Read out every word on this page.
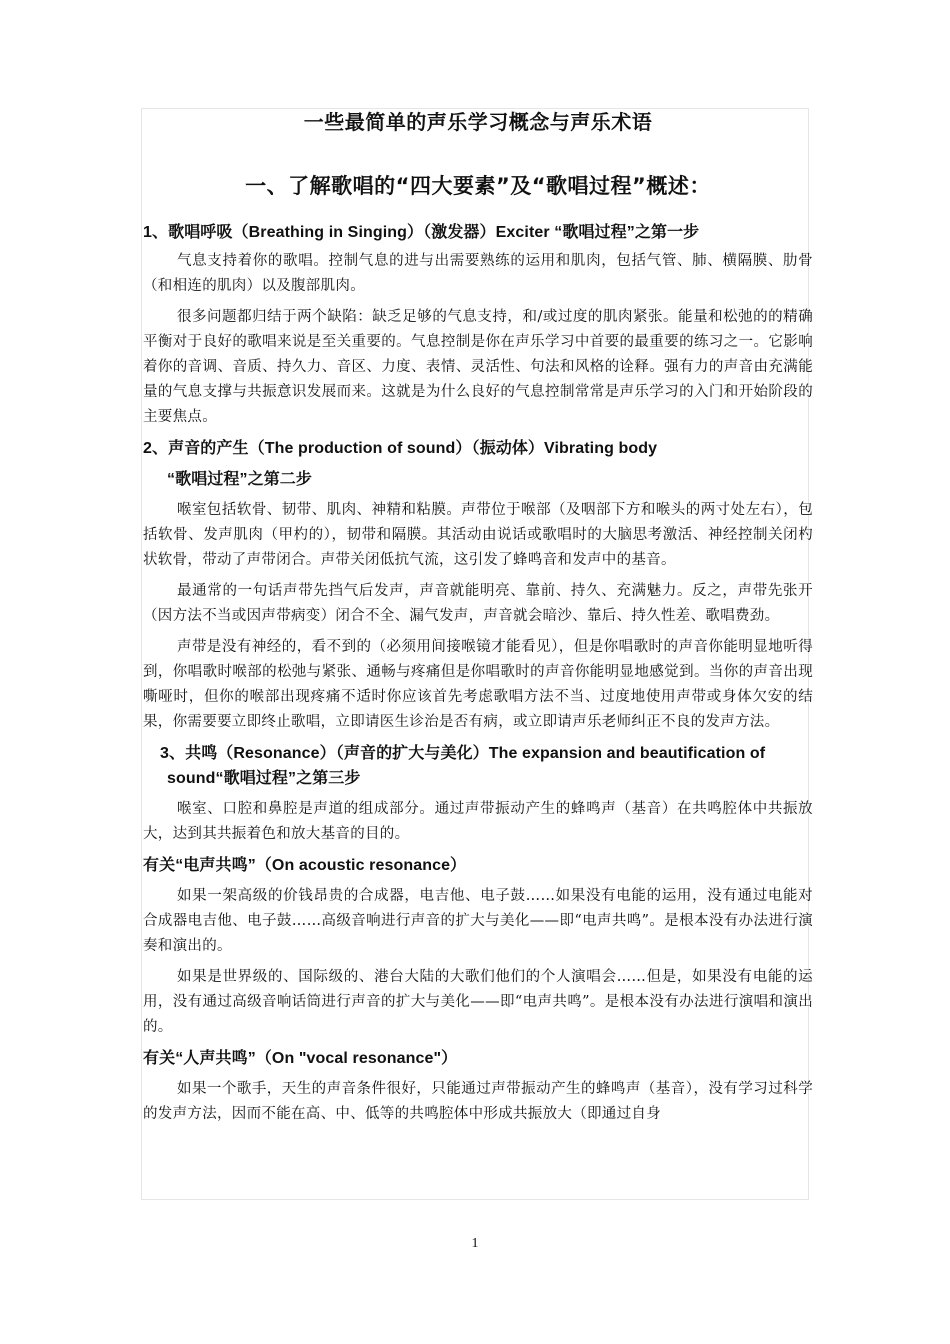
一些最简单的声乐学习概念与声乐术语
一、了解歌唱的“四大要素”及“歌唱过程”概述：
1、歌唱呼吸（Breathing in Singing）（激发器）Exciter “歌唱过程”之第一步

气息支持着你的歌唱。控制气息的进与出需要熟练的运用和肌肉，包括气管、肺、横隔膜、肋骨（和相连的肌肉）以及腹部肌肉。

很多问题都归结于两个缺陷：缺乏足够的气息支持，和/或过度的肌肉紧张。能量和松弛的的精确平衡对于良好的歌唱来说是至关重要的。气息控制是你在声乐学习中首要的最重要的练习之一。它影响着你的音调、音质、持久力、音区、力度、表情、灵活性、句法和风格的诠释。强有力的声音由充满能量的气息支撑与共振意识发展而来。这就是为什么良好的气息控制常常是声乐学习的入门和开始阶段的主要焦点。

2、声音的产生（The production of sound）（振动体）Vibrating body
“歌唱过程”之第二步

喉室包括软骨、韧带、肌肉、神精和粘膜。声带位于喉部（及咽部下方和喉头的两寸处左右），包括软骨、发声肌肉（甲杓的），韧带和隔膜。其活动由说话或歌唱时的大脑思考激活、神经控制关闭杓状软骨，带动了声带闭合。声带关闭低抗气流，这引发了蜂鸣音和发声中的基音。

最通常的一句话声带先挡气后发声，声音就能明亮、靠前、持久、充满魅力。反之，声带先张开（因方法不当或因声带病变）闭合不全、漏气发声，声音就会暗沙、靠后、持久性差、歌唱费劲。

声带是没有神经的，看不到的（必须用间接喉镜才能看见），但是你唱歌时的声音你能明显地听得到，你唱歌时喉部的松弛与紧张、通畅与疼痛但是你唱歌时的声音你能明显地感觉到。当你的声音出现嘶哑时，但你的喉部出现疼痛不适时你应该首先考虑歌唱方法不当、过度地使用声带或身体欠安的结果，你需要要立即终止歌唱，立即请医生诊治是否有病，或立即请声乐老师纠正不良的发声方法。

3、共鸣（Resonance）（声音的扩大与美化）The expansion and beautification of sound“歌唱过程”之第三步

喉室、口腔和鼻腔是声道的组成部分。通过声带振动产生的蜂鸣声（基音）在共鸣腔体中共振放大，达到其共振着色和放大基音的目的。

有关“电声共鸣”（On acoustic resonance）

如果一架高级的价钱昂贵的合成器，电吉他、电子鼓……如果没有电能的运用，没有通过电能对合成器电吉他、电子鼓……高级音响进行声音的扩大与美化——即“电声共鸣”。是根本没有办法进行演奏和演出的。

如果是世界级的、国际级的、港台大陆的大歌们他们的个人演唱会……但是，如果没有电能的运用，没有通过高级音响话筒进行声音的扩大与美化——即“电声共鸣”。是根本没有办法进行演唱和演出的。

有关“人声共鸣”（On "vocal resonance"）

如果一个歌手，天生的声音条件很好，只能通过声带振动产生的蜂鸣声（基音），没有学习过科学的发声方法，因而不能在高、中、低等的共鸣腔体中形成共振放大（即通过自身

1
